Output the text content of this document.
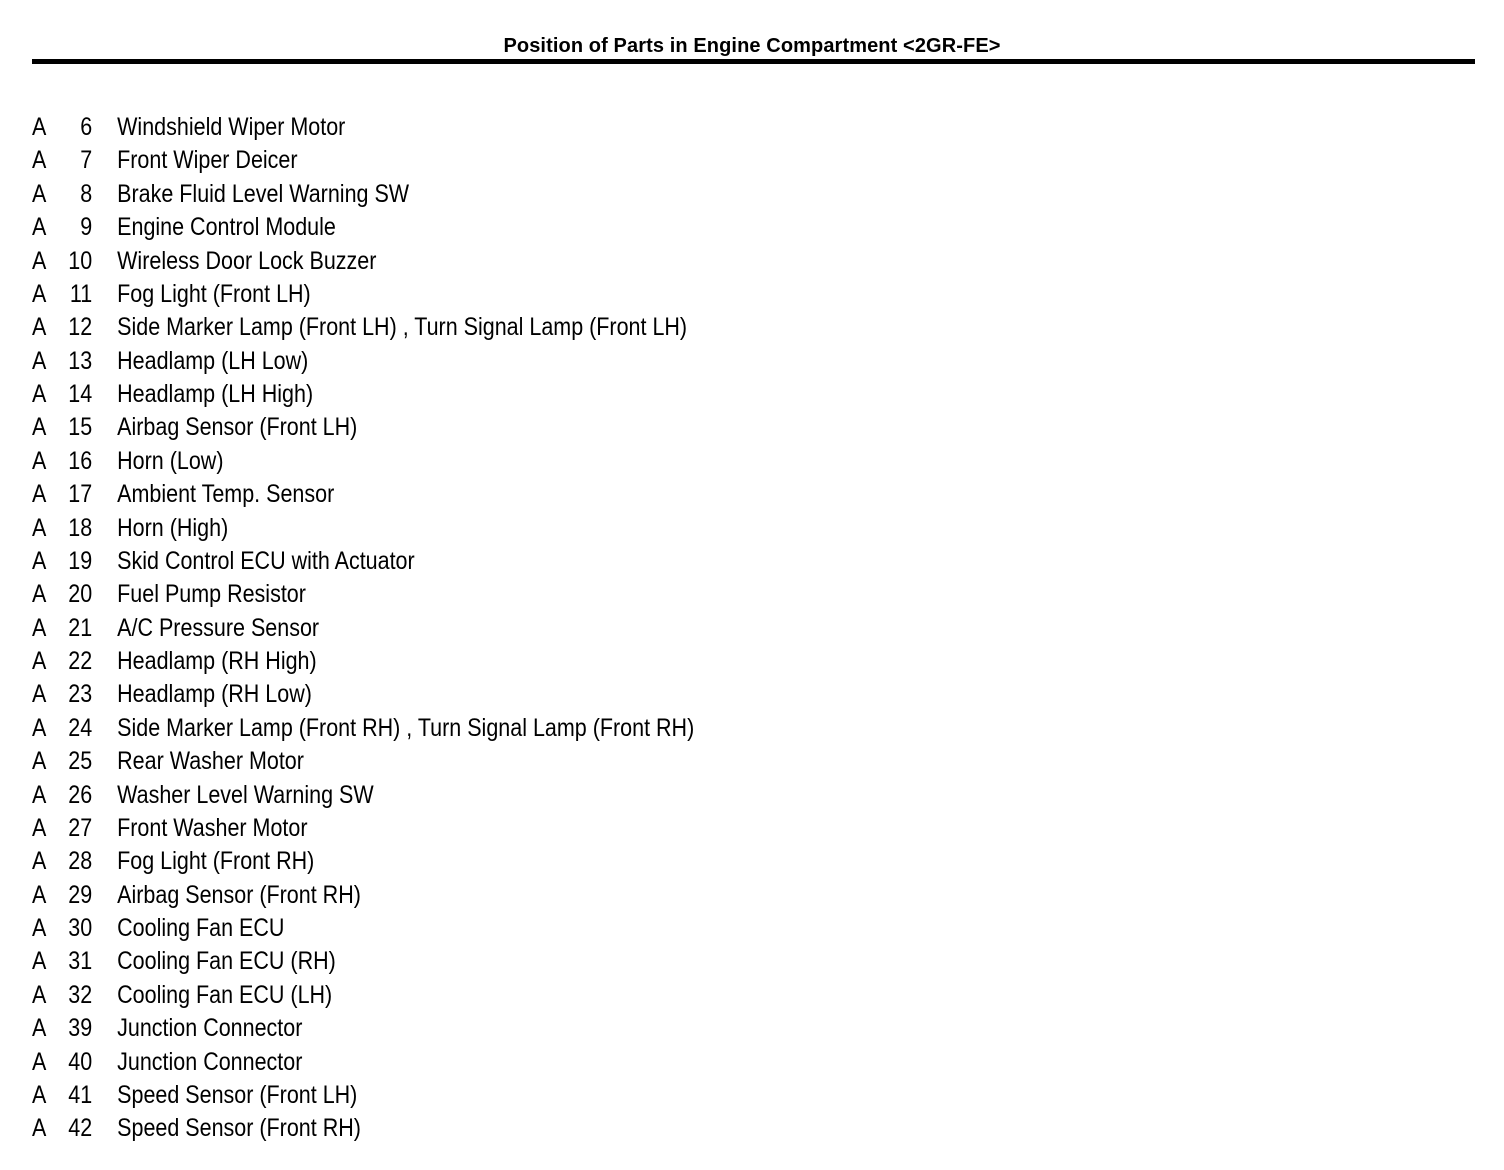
Position of Parts in Engine Compartment <2GR-FE>
A	6 Windshield Wiper Motor
A	7 Front Wiper Deicer
A	8 Brake Fluid Level Warning SW
A	9 Engine Control Module
A 10 Wireless Door Lock Buzzer
A 11 Fog Light (Front LH)
A 12 Side Marker Lamp (Front LH) , Turn Signal Lamp (Front LH)
A 13 Headlamp (LH Low)
A 14 Headlamp (LH High)
A 15 Airbag Sensor (Front LH)
A 16 Horn (Low)
A 17 Ambient Temp. Sensor
A 18 Horn (High)
A 19 Skid Control ECU with Actuator
A 20 Fuel Pump Resistor
A 21 A/C Pressure Sensor
A 22 Headlamp (RH High)
A 23 Headlamp (RH Low)
A 24 Side Marker Lamp (Front RH) , Turn Signal Lamp (Front RH)
A 25 Rear Washer Motor
A 26 Washer Level Warning SW
A 27 Front Washer Motor
A 28 Fog Light (Front RH)
A 29 Airbag Sensor (Front RH)
A 30 Cooling Fan ECU
A 31 Cooling Fan ECU (RH)
A 32 Cooling Fan ECU (LH)
A 39 Junction Connector
A 40 Junction Connector
A 41 Speed Sensor (Front LH)
A 42 Speed Sensor (Front RH)
